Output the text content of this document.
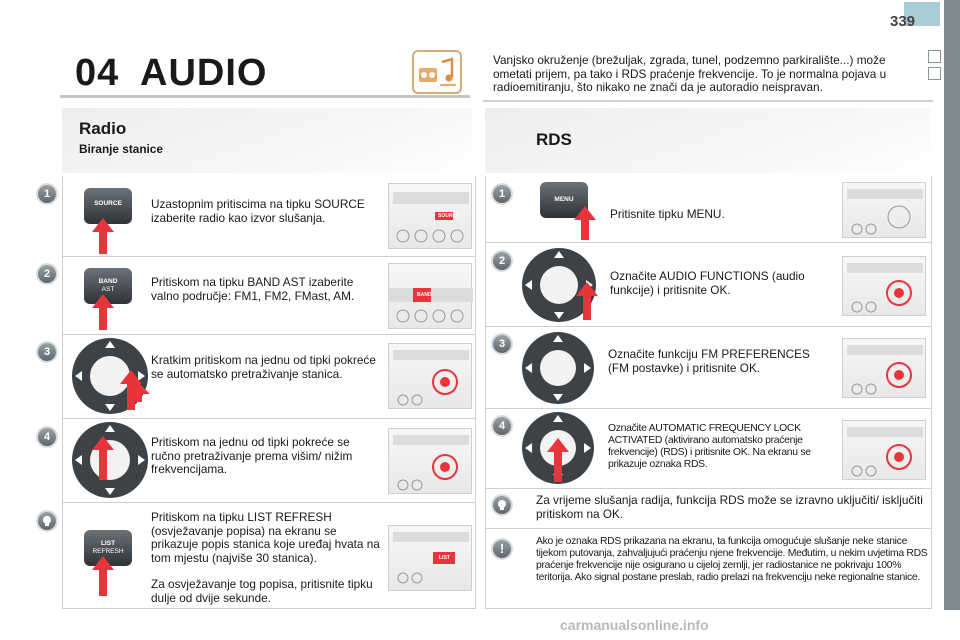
339
04 AUDIO	Vanjsko okruženje (brežuljak, zgrada, tunel, podzemno parkiralište...) može ometati prijem, pa tako i RDS praćenje frekvencije. To je normalna pojava u radioemitiranju, što nikako ne znači da je autoradio neispravan.
Radio
Biranje stanice
1
SOURCE	Uzastopnim pritiscima na tipku SOURCE izaberite radio kao izvor slušanja.	SOURCE
2
BAND
AST
Pritiskom na tipku BAND AST izaberite valno područje: FM1, FM2, FMast, AM.	BAND
3
Kratkim pritiskom na jednu od tipki pokreće se automatsko pretraživanje stanica.
4	Pritiskom na jednu od tipki pokreće se ručno pretraživanje prema višim/ nižim frekvencijama.
LIST
REFRESH
Pritiskom na tipku LIST REFRESH (osvježavanje popisa) na ekranu se prikazuje popis stanica koje uređaj hvata na tom mjestu (najviše 30 stanica).
Za osvježavanje tog popisa, pritisnite tipku dulje od dvije sekunde.
LIST
RDS
1	MENU
Pritisnite tipku MENU.
2
Označite AUDIO FUNCTIONS (audio funkcije) i pritisnite OK.
3
Označite funkciju FM PREFERENCES (FM postavke) i pritisnite OK.
4	Označite AUTOMATIC FREQUENCY LOCK ACTIVATED (aktivirano automatsko praćenje frekvencije) (RDS) i pritisnite OK. Na ekranu se prikazuje oznaka RDS.
Za vrijeme slušanja radija, funkcija RDS može se izravno uključiti/ isključiti pritiskom na OK.
!	Ako je oznaka RDS prikazana na ekranu, ta funkcija omogućuje slušanje neke stanice tijekom putovanja, zahvaljujući praćenju njene frekvencije. Međutim, u nekim uvjetima RDS praćenje frekvencije nije osigurano u cijeloj zemlji, jer radiostanice ne pokrivaju 100% teritorija. Ako signal postane preslab, radio prelazi na frekvenciju neke regionalne stanice.
carmanualsonline.info
